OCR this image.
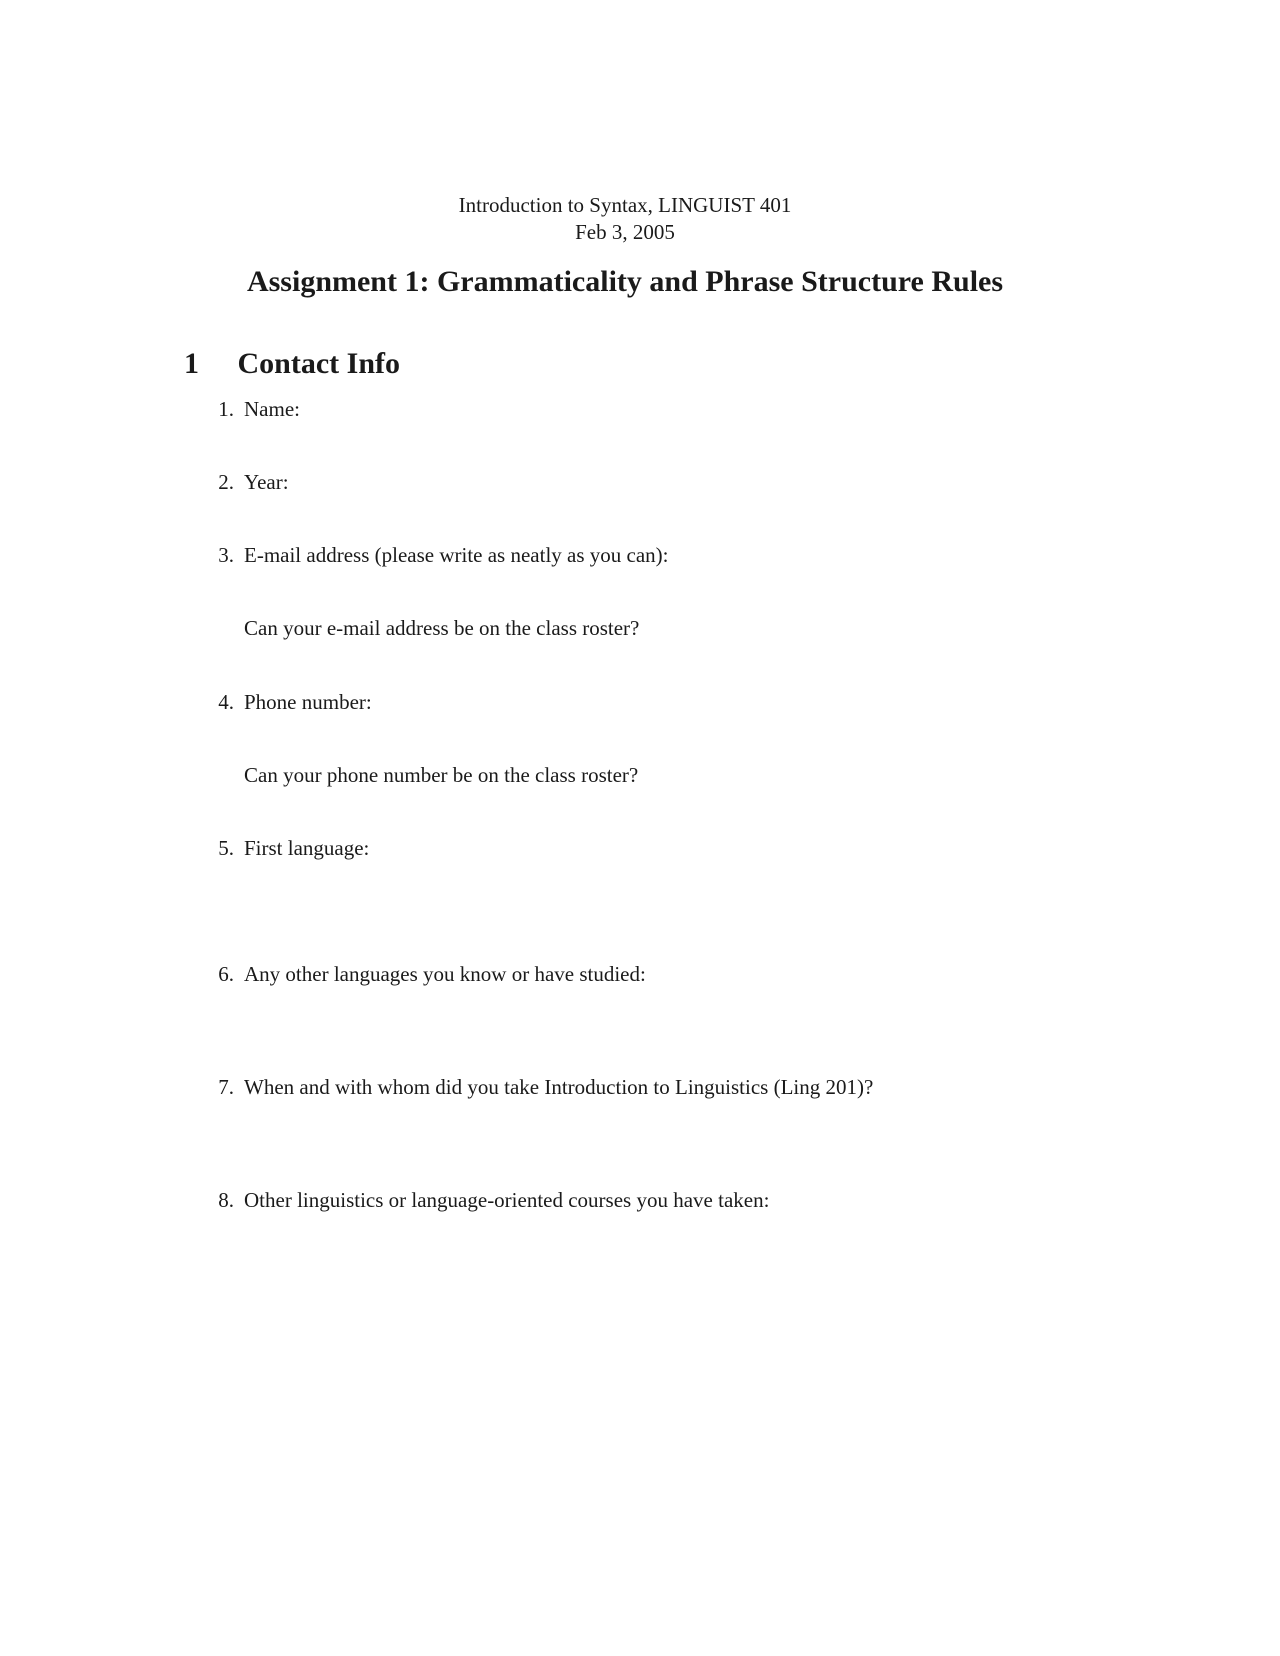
Introduction to Syntax, LINGUIST 401
Feb 3, 2005
Assignment 1: Grammaticality and Phrase Structure Rules
1 Contact Info
1. Name:
2. Year:
3. E-mail address (please write as neatly as you can):
Can your e-mail address be on the class roster?
4. Phone number:
Can your phone number be on the class roster?
5. First language:
6. Any other languages you know or have studied:
7. When and with whom did you take Introduction to Linguistics (Ling 201)?
8. Other linguistics or language-oriented courses you have taken:
